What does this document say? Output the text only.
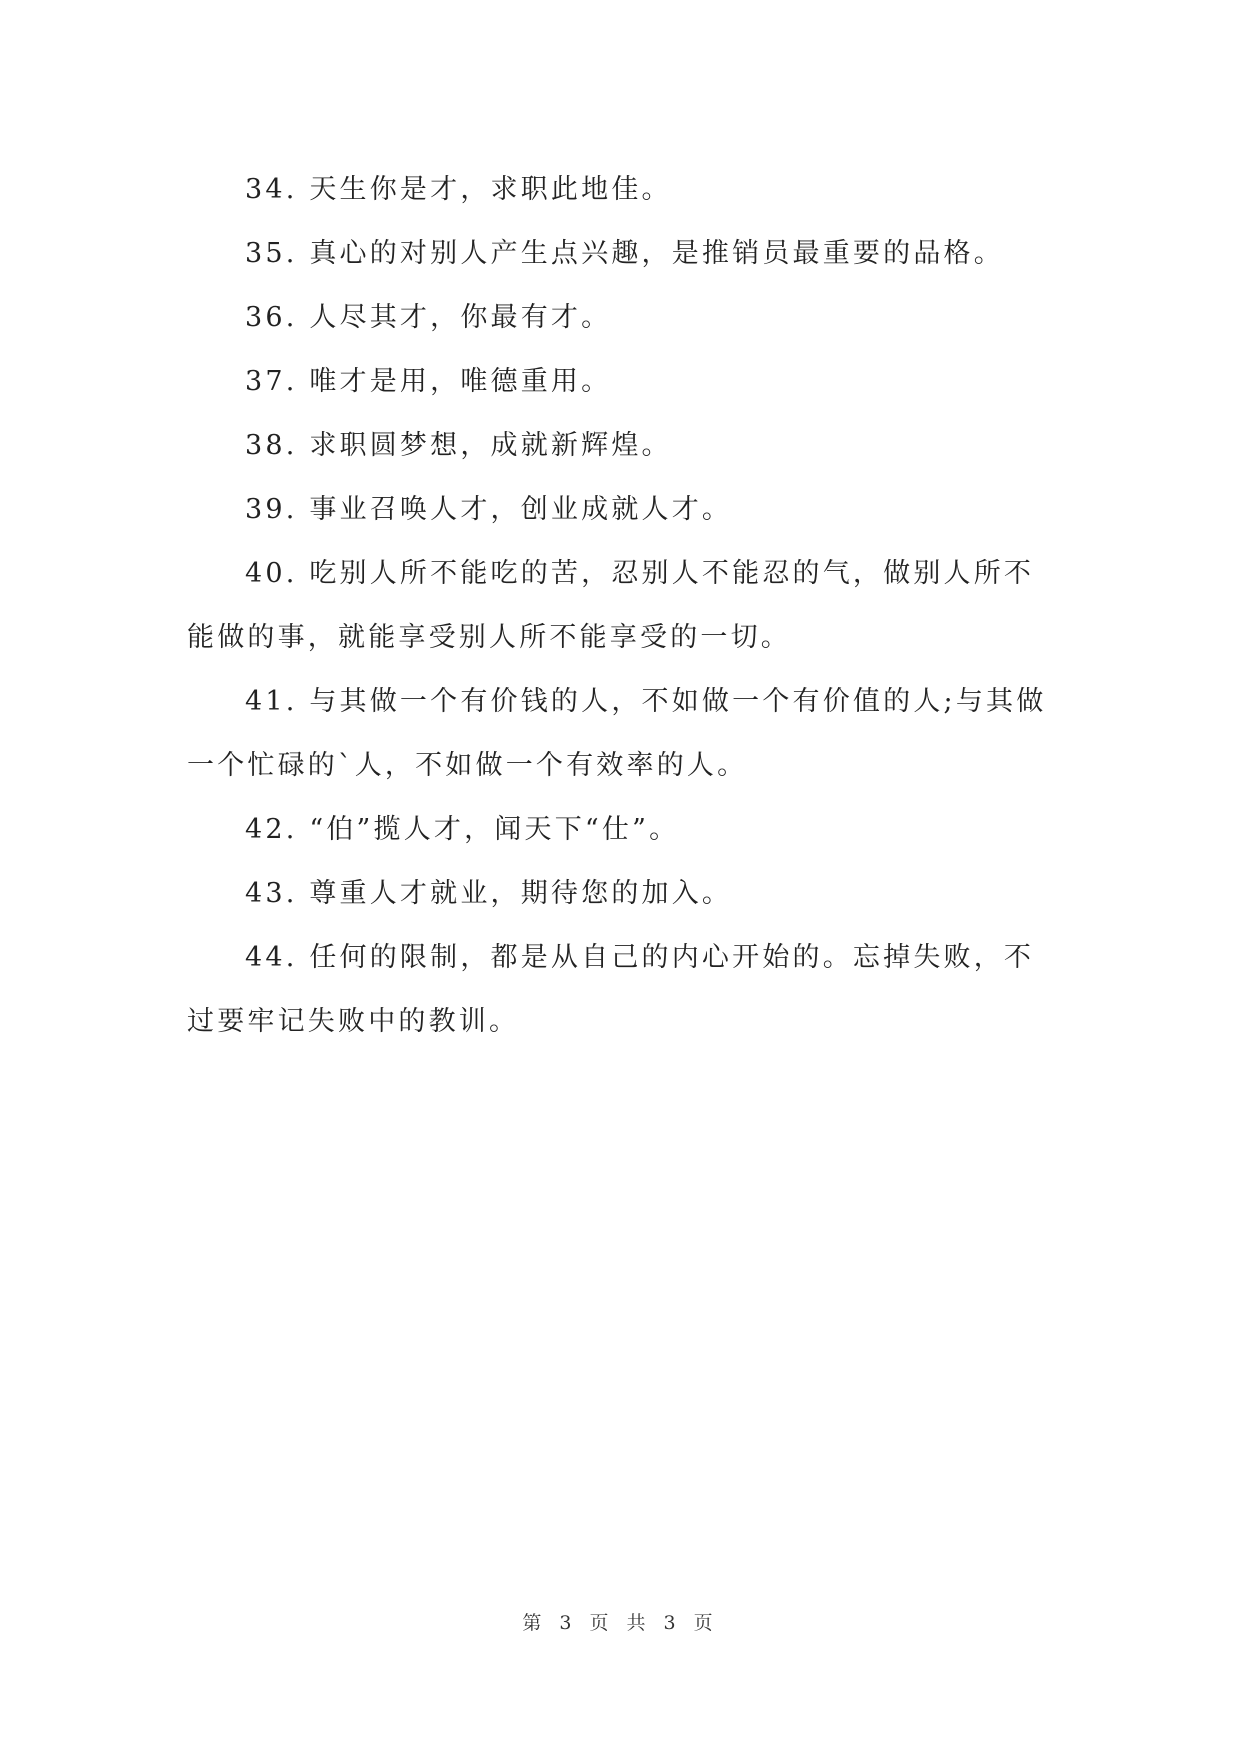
34. 天生你是才，求职此地佳。

35. 真心的对别人产生点兴趣，是推销员最重要的品格。

36. 人尽其才，你最有才。

37. 唯才是用，唯德重用。

38. 求职圆梦想，成就新辉煌。

39. 事业召唤人才，创业成就人才。

40. 吃别人所不能吃的苦，忍别人不能忍的气，做别人所不能做的事，就能享受别人所不能享受的一切。

41. 与其做一个有价钱的人，不如做一个有价值的人;与其做一个忙碌的`人，不如做一个有效率的人。

42. “伯”揽人才，闻天下“仕”。

43. 尊重人才就业，期待您的加入。

44. 任何的限制，都是从自己的内心开始的。忘掉失败，不过要牢记失败中的教训。

第 3 页 共 3 页
